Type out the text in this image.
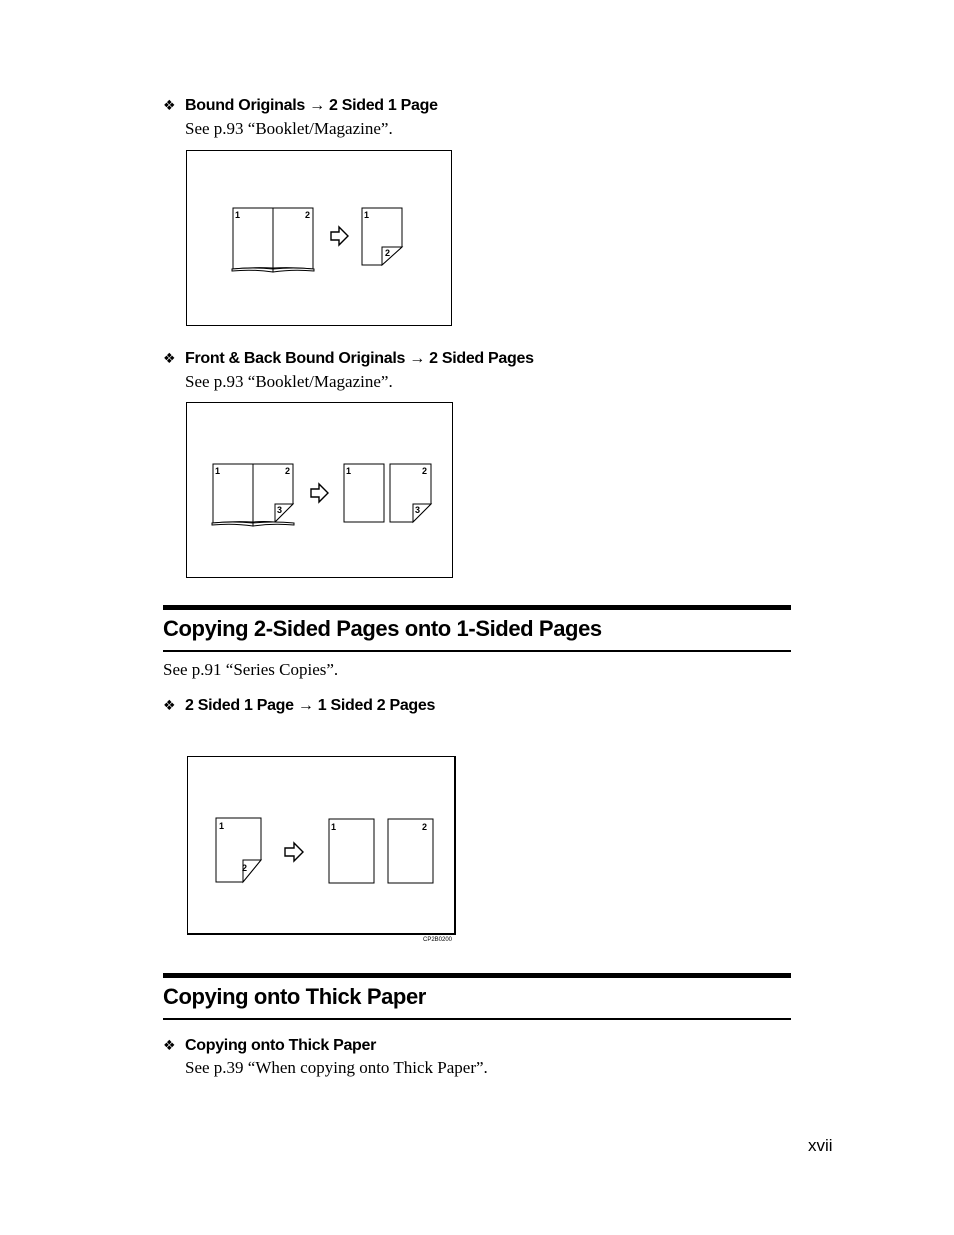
❖ Bound Originals → 2 Sided 1 Page
See p.93 “Booklet/Magazine”.
1	2	1
2
❖ Front & Back Bound Originals → 2 Sided Pages
See p.93 “Booklet/Magazine”.
1	2
3
1	2
3
Copying 2-Sided Pages onto 1-Sided Pages
See p.91 “Series Copies”.
❖ 2 Sided 1 Page → 1 Sided 2 Pages
1
2
1	2
CP2B0200
Copying onto Thick Paper
❖ Copying onto Thick Paper
See p.39 “When copying onto Thick Paper”.
xvii
